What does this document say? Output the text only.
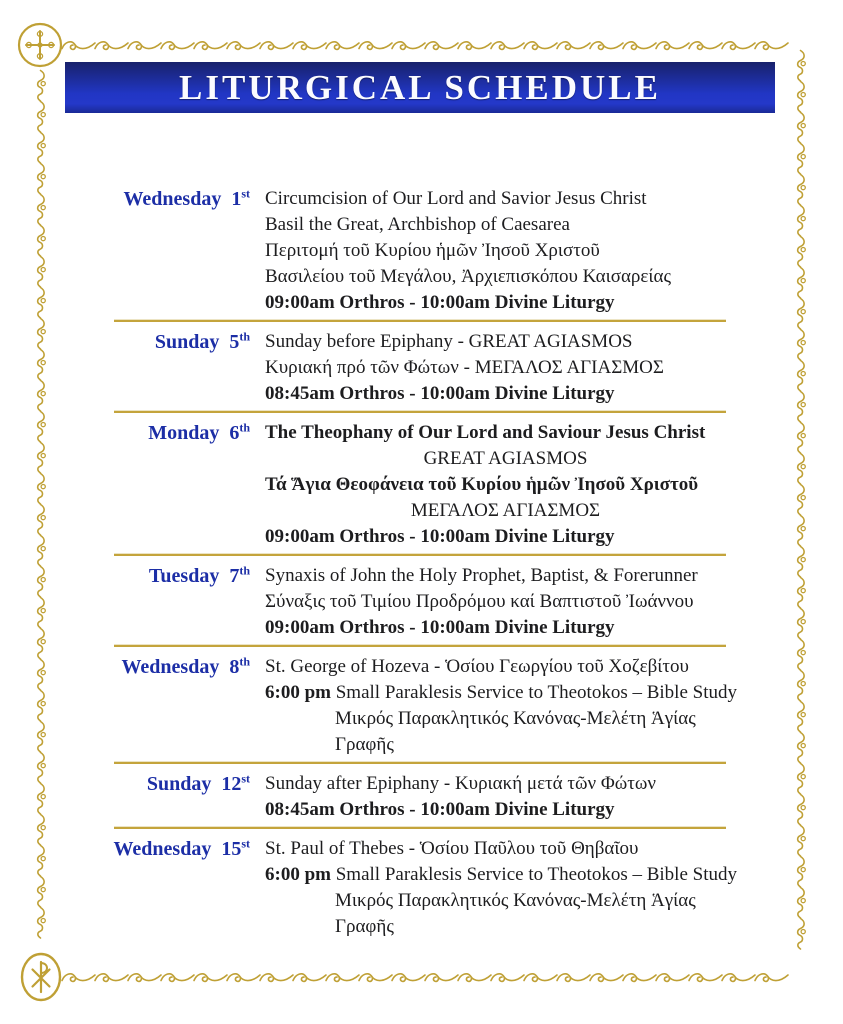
LITURGICAL SCHEDULE
Wednesday 1st Circumcision of Our Lord and Savior Jesus Christ
Basil the Great, Archbishop of Caesarea
Περιτομή τοῦ Κυρίου ἡμῶν Ἰησοῦ Χριστοῦ
Βασιλείου τοῦ Μεγάλου, Ἀρχιεπισκόπου Καισαρείας
09:00am Orthros - 10:00am Divine Liturgy
Sunday 5th Sunday before Epiphany - GREAT AGIASMOS
Κυριακή πρό τῶν Φώτων - ΜΕΓΑΛΟΣ ΑΓΙΑΣΜΟΣ
08:45am Orthros - 10:00am Divine Liturgy
Monday 6th The Theophany of Our Lord and Saviour Jesus Christ
GREAT AGIASMOS
Τά Ἅγια Θεοφάνεια τοῦ Κυρίου ἡμῶν Ἰησοῦ Χριστοῦ
ΜΕΓΑΛΟΣ ΑΓΙΑΣΜΟΣ
09:00am Orthros - 10:00am Divine Liturgy
Tuesday 7th Synaxis of John the Holy Prophet, Baptist, & Forerunner
Σύναξις τοῦ Τιμίου Προδρόμου καί Βαπτιστοῦ Ἰωάννου
09:00am Orthros - 10:00am Divine Liturgy
Wednesday 8th St. George of Hozeva - Ὁσίου Γεωργίου τοῦ Χοζεβίτου
6:00 pm Small Paraklesis Service to Theotokos – Bible Study
Μικρός Παρακλητικός Κανόνας-Μελέτη Ἁγίας Γραφῆς
Sunday 12st Sunday after Epiphany - Κυριακή μετά τῶν Φώτων
08:45am Orthros - 10:00am Divine Liturgy
Wednesday 15st St. Paul of Thebes - Ὁσίου Παῦλου τοῦ Θηβαῖου
6:00 pm Small Paraklesis Service to Theotokos – Bible Study
Μικρός Παρακλητικός Κανόνας-Μελέτη Ἁγίας Γραφῆς
